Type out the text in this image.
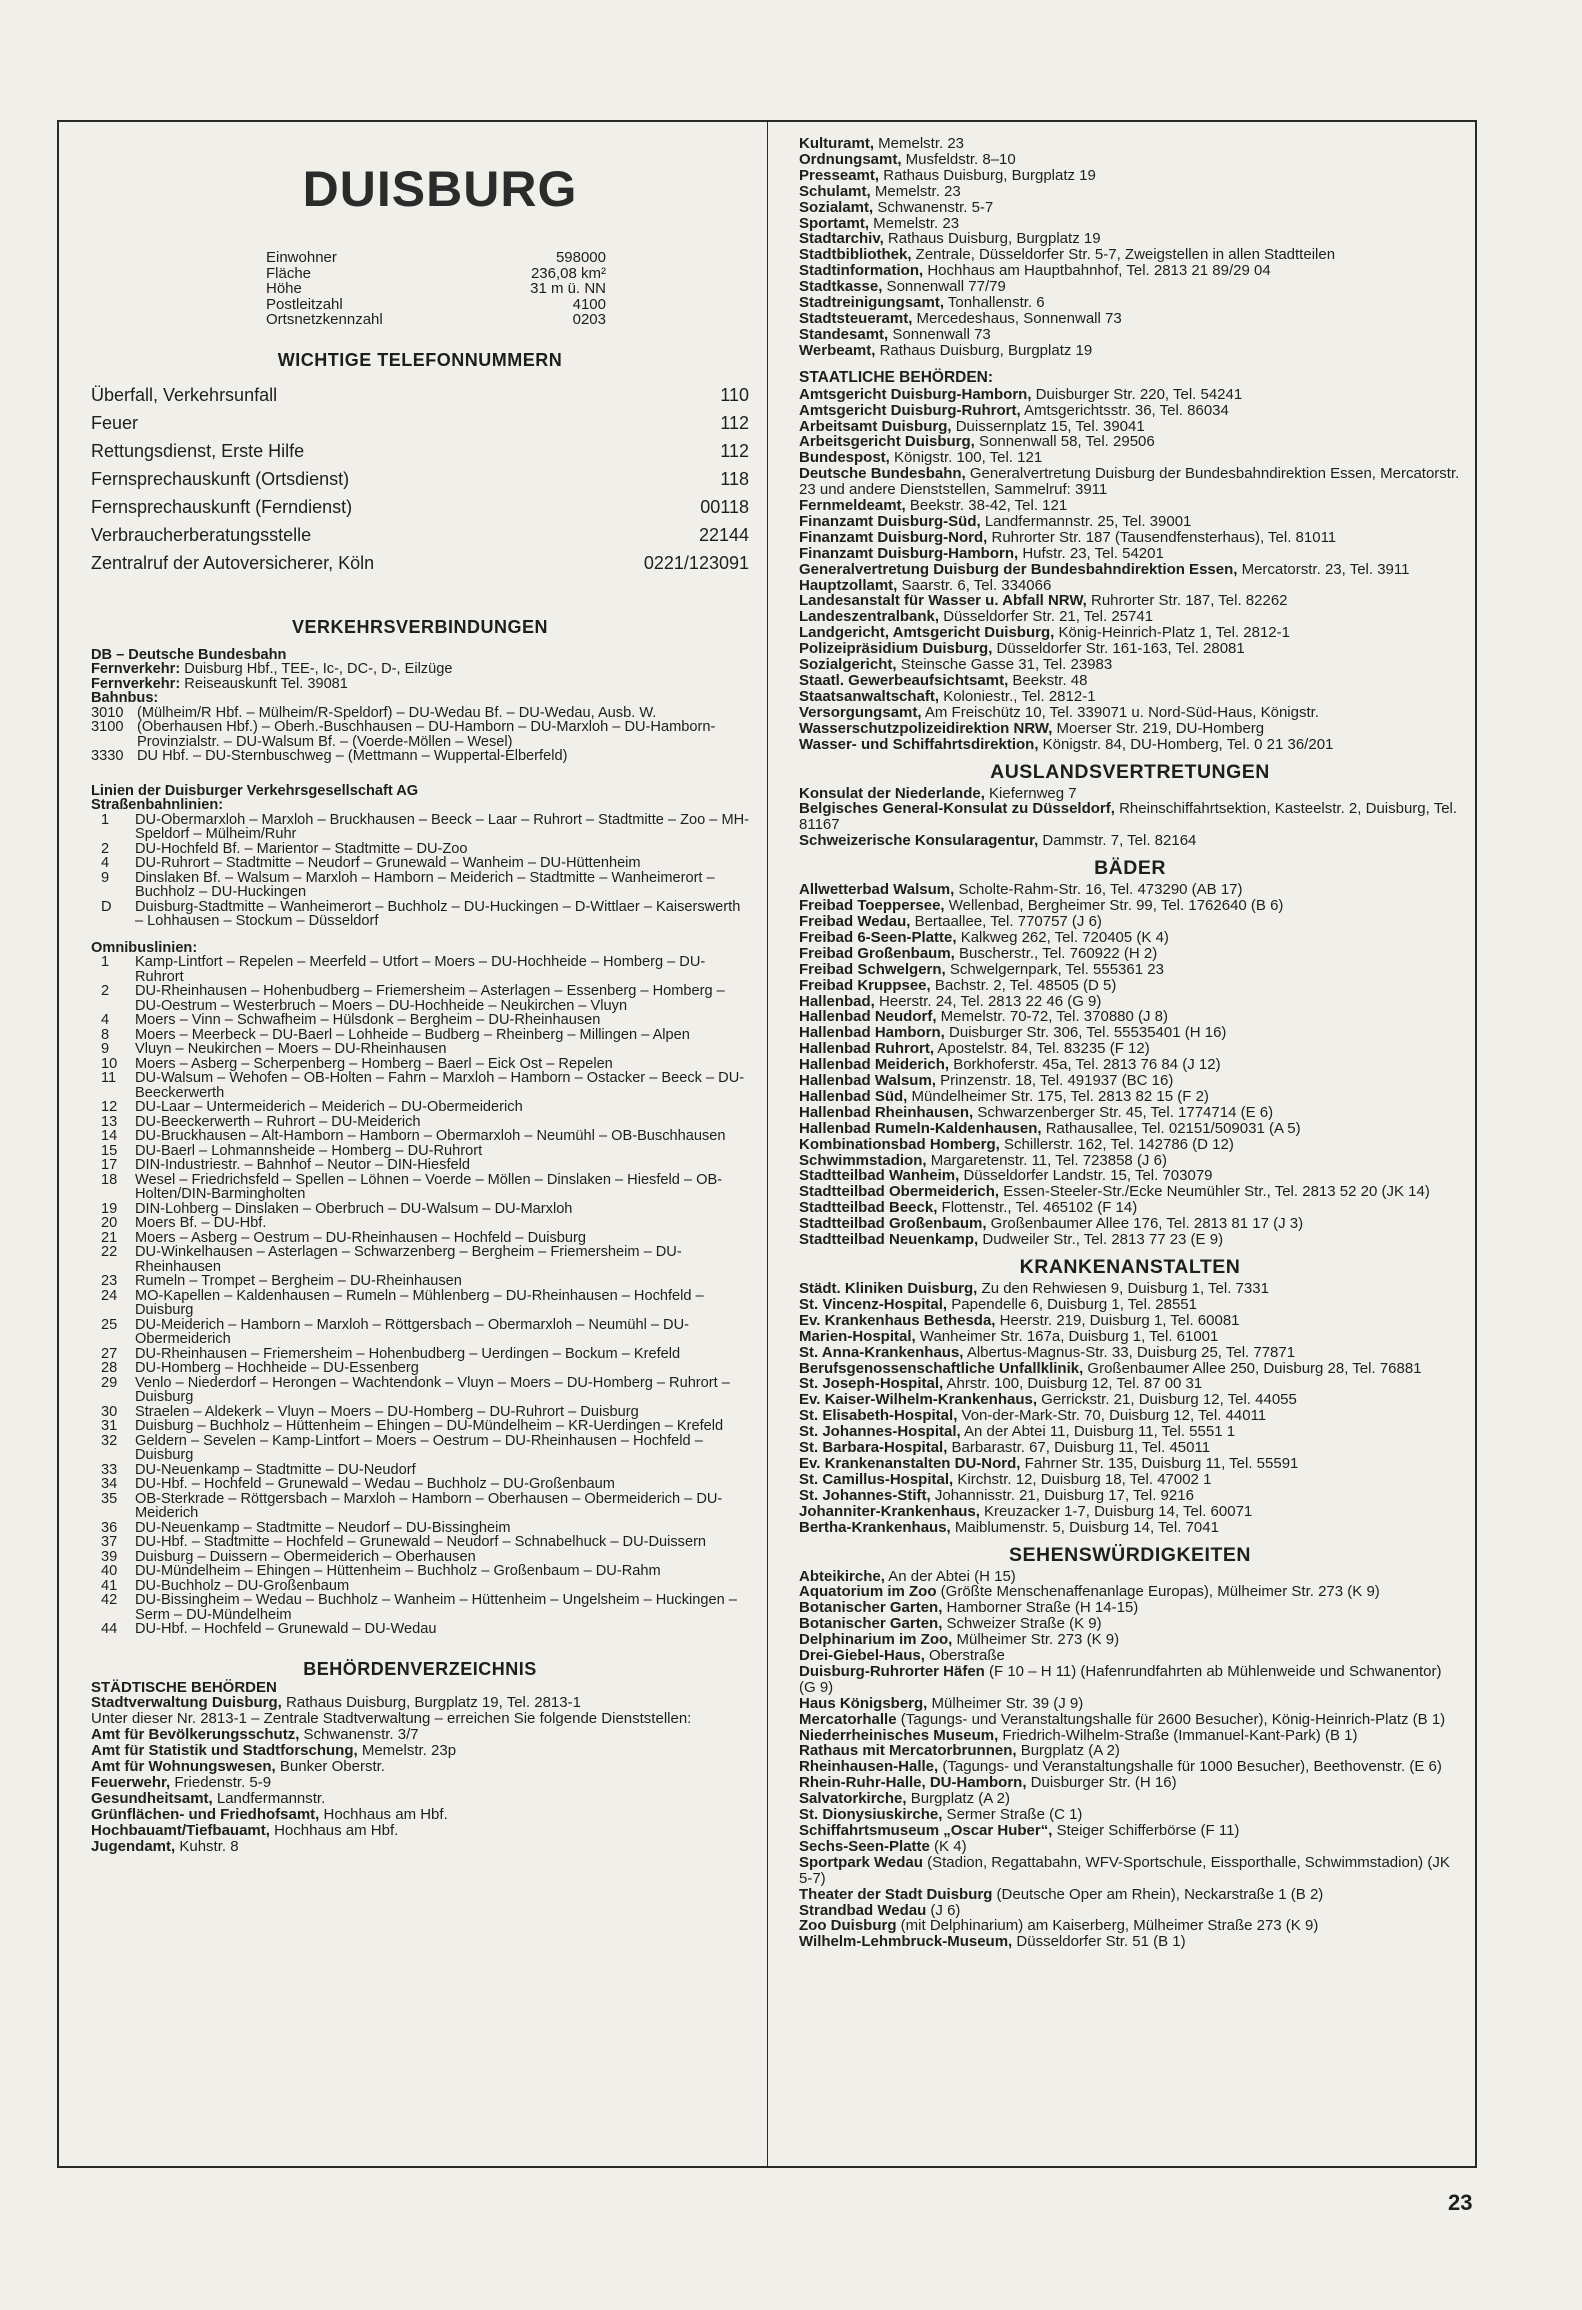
DUISBURG
Einwohner	598000
Fläche	236,08 km²
Höhe	31 m ü. NN
Postleitzahl	4100
Ortsnetzkennzahl	0203
WICHTIGE TELEFONNUMMERN
Überfall, Verkehrsunfall	110
Feuer	112
Rettungsdienst, Erste Hilfe	112
Fernsprechauskunft (Ortsdienst)	118
Fernsprechauskunft (Ferndienst)	00118
Verbraucherberatungsstelle	22144
Zentralruf der Autoversicherer, Köln	0221/123091
VERKEHRSVERBINDUNGEN
DB – Deutsche Bundesbahn
Fernverkehr: Duisburg Hbf., TEE-, Ic-, DC-, D-, Eilzüge
Fernverkehr: Reiseauskunft Tel. 39081
Bahnbus:
3010 (Mülheim/R Hbf. – Mülheim/R-Speldorf) – DU-Wedau Bf. – DU-Wedau, Ausb. W.
3100 (Oberhausen Hbf.) – Oberh.-Buschhausen – DU-Hamborn – DU-Marxloh – DU-Hamborn-Provinzialstr. – DU-Walsum Bf. – (Voerde-Möllen – Wesel)
3330 DU Hbf. – DU-Sternbuschweg – (Mettmann – Wuppertal-Elberfeld)
Linien der Duisburger Verkehrsgesellschaft AG
Straßenbahnlinien:
1	DU-Obermarxloh – Marxloh – Bruckhausen – Beeck – Laar – Ruhrort – Stadtmitte – Zoo – MH-Speldorf – Mülheim/Ruhr
2	DU-Hochfeld Bf. – Marientor – Stadtmitte – DU-Zoo
4	DU-Ruhrort – Stadtmitte – Neudorf – Grunewald – Wanheim – DU-Hüttenheim
9	Dinslaken Bf. – Walsum – Marxloh – Hamborn – Meiderich – Stadtmitte – Wanheimerort – Buchholz – DU-Huckingen
D	Duisburg-Stadtmitte – Wanheimerort – Buchholz – DU-Huckingen – D-Wittlaer – Kaiserswerth – Lohhausen – Stockum – Düsseldorf
Omnibuslinien:
1	Kamp-Lintfort – Repelen – Meerfeld – Utfort – Moers – DU-Hochheide – Homberg – DU-Ruhrort
2	DU-Rheinhausen – Hohenbudberg – Friemersheim – Asterlagen – Essenberg – Homberg – DU-Oestrum – Westerbruch – Moers – DU-Hochheide – Neukirchen – Vluyn
4	Moers – Vinn – Schwafheim – Hülsdonk – Bergheim – DU-Rheinhausen
8	Moers – Meerbeck – DU-Baerl – Lohheide – Budberg – Rheinberg – Millingen – Alpen
9	Vluyn – Neukirchen – Moers – DU-Rheinhausen
10	Moers – Asberg – Scherpenberg – Homberg – Baerl – Eick Ost – Repelen
11	DU-Walsum – Wehofen – OB-Holten – Fahrn – Marxloh – Hamborn – Ostacker – Beeck – DU-Beeckerwerth
12	DU-Laar – Untermeiderich – Meiderich – DU-Obermeiderich
13	DU-Beeckerwerth – Ruhrort – DU-Meiderich
14	DU-Bruckhausen – Alt-Hamborn – Hamborn – Obermarxloh – Neumühl – OB-Buschhausen
15	DU-Baerl – Lohmannsheide – Homberg – DU-Ruhrort
17	DIN-Industriestr. – Bahnhof – Neutor – DIN-Hiesfeld
18	Wesel – Friedrichsfeld – Spellen – Löhnen – Voerde – Möllen – Dinslaken – Hiesfeld – OB-Holten/DIN-Barmingholten
19	DIN-Lohberg – Dinslaken – Oberbruch – DU-Walsum – DU-Marxloh
20	Moers Bf. – DU-Hbf.
21	Moers – Asberg – Oestrum – DU-Rheinhausen – Hochfeld – Duisburg
22	DU-Winkelhausen – Asterlagen – Schwarzenberg – Bergheim – Friemersheim – DU-Rheinhausen
23	Rumeln – Trompet – Bergheim – DU-Rheinhausen
24	MO-Kapellen – Kaldenhausen – Rumeln – Mühlenberg – DU-Rheinhausen – Hochfeld – Duisburg
25	DU-Meiderich – Hamborn – Marxloh – Röttgersbach – Obermarxloh – Neumühl – DU-Obermeiderich
27	DU-Rheinhausen – Friemersheim – Hohenbudberg – Uerdingen – Bockum – Krefeld
28	DU-Homberg – Hochheide – DU-Essenberg
29	Venlo – Niederdorf – Herongen – Wachtendonk – Vluyn – Moers – DU-Homberg – Ruhrort – Duisburg
30	Straelen – Aldekerk – Vluyn – Moers – DU-Homberg – DU-Ruhrort – Duisburg
31	Duisburg – Buchholz – Hüttenheim – Ehingen – DU-Mündelheim – KR-Uerdingen – Krefeld
32	Geldern – Sevelen – Kamp-Lintfort – Moers – Oestrum – DU-Rheinhausen – Hochfeld – Duisburg
33	DU-Neuenkamp – Stadtmitte – DU-Neudorf
34	DU-Hbf. – Hochfeld – Grunewald – Wedau – Buchholz – DU-Großenbaum
35	OB-Sterkrade – Röttgersbach – Marxloh – Hamborn – Oberhausen – Obermeiderich – DU-Meiderich
36	DU-Neuenkamp – Stadtmitte – Neudorf – DU-Bissingheim
37	DU-Hbf. – Stadtmitte – Hochfeld – Grunewald – Neudorf – Schnabelhuck – DU-Duissern
39	Duisburg – Duissern – Obermeiderich – Oberhausen
40	DU-Mündelheim – Ehingen – Hüttenheim – Buchholz – Großenbaum – DU-Rahm
41	DU-Buchholz – DU-Großenbaum
42	DU-Bissingheim – Wedau – Buchholz – Wanheim – Hüttenheim – Ungelsheim – Huckingen – Serm – DU-Mündelheim
44	DU-Hbf. – Hochfeld – Grunewald – DU-Wedau
BEHÖRDENVERZEICHNIS
STÄDTISCHE BEHÖRDEN
Stadtverwaltung Duisburg, Rathaus Duisburg, Burgplatz 19, Tel. 2813-1
Unter dieser Nr. 2813-1 – Zentrale Stadtverwaltung – erreichen Sie folgende Dienststellen:
Amt für Bevölkerungsschutz, Schwanenstr. 3/7
Amt für Statistik und Stadtforschung, Memelstr. 23p
Amt für Wohnungswesen, Bunker Oberstr.
Feuerwehr, Friedenstr. 5-9
Gesundheitsamt, Landfermannstr.
Grünflächen- und Friedhofsamt, Hochhaus am Hbf.
Hochbauamt/Tiefbauamt, Hochhaus am Hbf.
Jugendamt, Kuhstr. 8
Kulturamt, Memelstr. 23
Ordnungsamt, Musfeldstr. 8–10
Presseamt, Rathaus Duisburg, Burgplatz 19
Schulamt, Memelstr. 23
Sozialamt, Schwanenstr. 5-7
Sportamt, Memelstr. 23
Stadtarchiv, Rathaus Duisburg, Burgplatz 19
Stadtbibliothek, Zentrale, Düsseldorfer Str. 5-7, Zweigstellen in allen Stadtteilen
Stadtinformation, Hochhaus am Hauptbahnhof, Tel. 2813 21 89/29 04
Stadtkasse, Sonnenwall 77/79
Stadtreinigungsamt, Tonhallenstr. 6
Stadtsteueramt, Mercedeshaus, Sonnenwall 73
Standesamt, Sonnenwall 73
Werbeamt, Rathaus Duisburg, Burgplatz 19
STAATLICHE BEHÖRDEN:
Amtsgericht Duisburg-Hamborn, Duisburger Str. 220, Tel. 54241
Amtsgericht Duisburg-Ruhrort, Amtsgerichtsstr. 36, Tel. 86034
Arbeitsamt Duisburg, Duissernplatz 15, Tel. 39041
Arbeitsgericht Duisburg, Sonnenwall 58, Tel. 29506
Bundespost, Königstr. 100, Tel. 121
Deutsche Bundesbahn, Generalvertretung Duisburg der Bundesbahndirektion Essen, Mercatorstr. 23 und andere Dienststellen, Sammelruf: 3911
Fernmeldeamt, Beekstr. 38-42, Tel. 121
Finanzamt Duisburg-Süd, Landfermannstr. 25, Tel. 39001
Finanzamt Duisburg-Nord, Ruhrorter Str. 187 (Tausendfensterhaus), Tel. 81011
Finanzamt Duisburg-Hamborn, Hufstr. 23, Tel. 54201
Generalvertretung Duisburg der Bundesbahndirektion Essen, Mercatorstr. 23, Tel. 3911
Hauptzollamt, Saarstr. 6, Tel. 334066
Landesanstalt für Wasser u. Abfall NRW, Ruhrorter Str. 187, Tel. 82262
Landeszentralbank, Düsseldorfer Str. 21, Tel. 25741
Landgericht, Amtsgericht Duisburg, König-Heinrich-Platz 1, Tel. 2812-1
Polizeipräsidium Duisburg, Düsseldorfer Str. 161-163, Tel. 28081
Sozialgericht, Steinsche Gasse 31, Tel. 23983
Staatl. Gewerbeaufsichtsamt, Beekstr. 48
Staatsanwaltschaft, Koloniestr., Tel. 2812-1
Versorgungsamt, Am Freischütz 10, Tel. 339071 u. Nord-Süd-Haus, Königstr.
Wasserschutzpolizeidirektion NRW, Moerser Str. 219, DU-Homberg
Wasser- und Schiffahrtsdirektion, Königstr. 84, DU-Homberg, Tel. 0 21 36/201
AUSLANDSVERTRETUNGEN
Konsulat der Niederlande, Kiefernweg 7
Belgisches General-Konsulat zu Düsseldorf, Rheinschiffahrtsektion, Kasteelstr. 2, Duisburg, Tel. 81167
Schweizerische Konsularagentur, Dammstr. 7, Tel. 82164
BÄDER
Allwetterbad Walsum, Scholte-Rahm-Str. 16, Tel. 473290 (AB 17)
Freibad Toeppersee, Wellenbad, Bergheimer Str. 99, Tel. 1762640 (B 6)
Freibad Wedau, Bertaallee, Tel. 770757 (J 6)
Freibad 6-Seen-Platte, Kalkweg 262, Tel. 720405 (K 4)
Freibad Großenbaum, Buscherstr., Tel. 760922 (H 2)
Freibad Schwelgern, Schwelgernpark, Tel. 555361 23
Freibad Kruppsee, Bachstr. 2, Tel. 48505 (D 5)
Hallenbad, Heerstr. 24, Tel. 2813 22 46 (G 9)
Hallenbad Neudorf, Memelstr. 70-72, Tel. 370880 (J 8)
Hallenbad Hamborn, Duisburger Str. 306, Tel. 55535401 (H 16)
Hallenbad Ruhrort, Apostelstr. 84, Tel. 83235 (F 12)
Hallenbad Meiderich, Borkhoferstr. 45a, Tel. 2813 76 84 (J 12)
Hallenbad Walsum, Prinzenstr. 18, Tel. 491937 (BC 16)
Hallenbad Süd, Mündelheimer Str. 175, Tel. 2813 82 15 (F 2)
Hallenbad Rheinhausen, Schwarzenberger Str. 45, Tel. 1774714 (E 6)
Hallenbad Rumeln-Kaldenhausen, Rathausallee, Tel. 02151/509031 (A 5)
Kombinationsbad Homberg, Schillerstr. 162, Tel. 142786 (D 12)
Schwimmstadion, Margaretenstr. 11, Tel. 723858 (J 6)
Stadtteilbad Wanheim, Düsseldorfer Landstr. 15, Tel. 703079
Stadtteilbad Obermeiderich, Essen-Steeler-Str./Ecke Neumühler Str., Tel. 2813 52 20 (JK 14)
Stadtteilbad Beeck, Flottenstr., Tel. 465102 (F 14)
Stadtteilbad Großenbaum, Großenbaumer Allee 176, Tel. 2813 81 17 (J 3)
Stadtteilbad Neuenkamp, Dudweiler Str., Tel. 2813 77 23 (E 9)
KRANKENANSTALTEN
Städt. Kliniken Duisburg, Zu den Rehwiesen 9, Duisburg 1, Tel. 7331
St. Vincenz-Hospital, Papendelle 6, Duisburg 1, Tel. 28551
Ev. Krankenhaus Bethesda, Heerstr. 219, Duisburg 1, Tel. 60081
Marien-Hospital, Wanheimer Str. 167a, Duisburg 1, Tel. 61001
St. Anna-Krankenhaus, Albertus-Magnus-Str. 33, Duisburg 25, Tel. 77871
Berufsgenossenschaftliche Unfallklinik, Großenbaumer Allee 250, Duisburg 28, Tel. 76881
St. Joseph-Hospital, Ahrstr. 100, Duisburg 12, Tel. 87 00 31
Ev. Kaiser-Wilhelm-Krankenhaus, Gerrickstr. 21, Duisburg 12, Tel. 44055
St. Elisabeth-Hospital, Von-der-Mark-Str. 70, Duisburg 12, Tel. 44011
St. Johannes-Hospital, An der Abtei 11, Duisburg 11, Tel. 5551 1
St. Barbara-Hospital, Barbarastr. 67, Duisburg 11, Tel. 45011
Ev. Krankenanstalten DU-Nord, Fahrner Str. 135, Duisburg 11, Tel. 55591
St. Camillus-Hospital, Kirchstr. 12, Duisburg 18, Tel. 47002 1
St. Johannes-Stift, Johannisstr. 21, Duisburg 17, Tel. 9216
Johanniter-Krankenhaus, Kreuzacker 1-7, Duisburg 14, Tel. 60071
Bertha-Krankenhaus, Maiblumenstr. 5, Duisburg 14, Tel. 7041
SEHENSWÜRDIGKEITEN
Abteikirche, An der Abtei (H 15)
Aquatorium im Zoo (Größte Menschenaffenanlage Europas), Mülheimer Str. 273 (K 9)
Botanischer Garten, Hamborner Straße (H 14-15)
Botanischer Garten, Schweizer Straße (K 9)
Delphinarium im Zoo, Mülheimer Str. 273 (K 9)
Drei-Giebel-Haus, Oberstraße
Duisburg-Ruhrorter Häfen (F 10 – H 11) (Hafenrundfahrten ab Mühlenweide und Schwanentor) (G 9)
Haus Königsberg, Mülheimer Str. 39 (J 9)
Mercatorhalle (Tagungs- und Veranstaltungshalle für 2600 Besucher), König-Heinrich-Platz (B 1)
Niederrheinisches Museum, Friedrich-Wilhelm-Straße (Immanuel-Kant-Park) (B 1)
Rathaus mit Mercatorbrunnen, Burgplatz (A 2)
Rheinhausen-Halle, (Tagungs- und Veranstaltungshalle für 1000 Besucher), Beethovenstr. (E 6)
Rhein-Ruhr-Halle, DU-Hamborn, Duisburger Str. (H 16)
Salvatorkirche, Burgplatz (A 2)
St. Dionysiuskirche, Sermer Straße (C 1)
Schiffahrtsmuseum „Oscar Huber“, Steiger Schifferbörse (F 11)
Sechs-Seen-Platte (K 4)
Sportpark Wedau (Stadion, Regattabahn, WFV-Sportschule, Eissporthalle, Schwimmstadion) (JK 5-7)
Theater der Stadt Duisburg (Deutsche Oper am Rhein), Neckarstraße 1 (B 2)
Strandbad Wedau (J 6)
Zoo Duisburg (mit Delphinarium) am Kaiserberg, Mülheimer Straße 273 (K 9)
Wilhelm-Lehmbruck-Museum, Düsseldorfer Str. 51 (B 1)
23
